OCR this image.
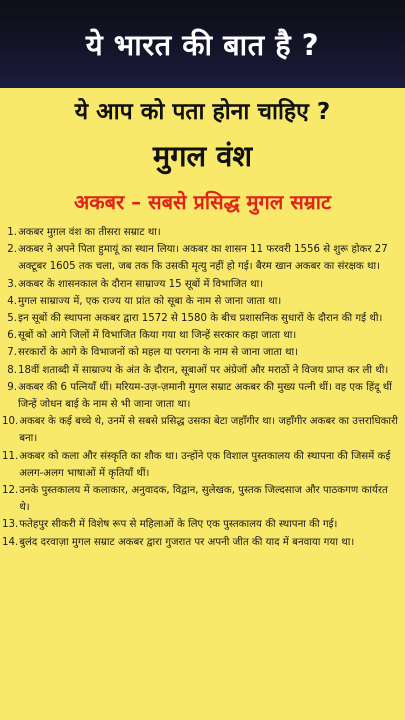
ये भारत की बात है ?
ये आप को पता होना चाहिए ?
मुगल वंश
अकबर – सबसे प्रसिद्ध मुगल सम्राट
1. अकबर मुग़ल वंश का तीसरा सम्राट था।
2. अकबर ने अपने पिता हुमायूं का स्थान लिया। अकबर का शासन 11 फरवरी 1556 से शुरू होकर 27 अक्टूबर 1605 तक चला, जब तक कि उसकी मृत्यु नहीं हो गई। बैरम खान अकबर का संरक्षक था।
3. अकबर के शासनकाल के दौरान साम्राज्य 15 सूबों में विभाजित था।
4. मुगल साम्राज्य में, एक राज्य या प्रांत को सूबा के नाम से जाना जाता था।
5. इन सूबों की स्थापना अकबर द्वारा 1572 से 1580 के बीच प्रशासनिक सुधारों के दौरान की गई थी।
6. सूबों को आगे जिलों में विभाजित किया गया था जिन्हें सरकार कहा जाता था।
7. सरकारों के आगे के विभाजनों को महल या परगना के नाम से जाना जाता था।
8. 18वीं शताब्दी में साम्राज्य के अंत के दौरान, सूबाओं पर अंग्रेजों और मराठों ने विजय प्राप्त कर ली थी।
9. अकबर की 6 पत्नियाँ थीं। मरियम-उज़-ज़मानी मुगल सम्राट अकबर की मुख्य पत्नी थीं। वह एक हिंदू थीं जिन्हें जोधन बाई के नाम से भी जाना जाता था।
10. अकबर के कई बच्चे थे, उनमें से सबसे प्रसिद्ध उसका बेटा जहाँगीर था। जहाँगीर अकबर का उत्तराधिकारी बना।
11. अकबर को कला और संस्कृति का शौक था। उन्होंने एक विशाल पुस्तकालय की स्थापना की जिसमें कई अलग-अलग भाषाओं में कृतियाँ थीं।
12. उनके पुस्तकालय में कलाकार, अनुवादक, विद्वान, सुलेखक, पुस्तक जिल्दसाज और पाठकगण कार्यरत थे।
13. फतेहपुर सीकरी में विशेष रूप से महिलाओं के लिए एक पुस्तकालय की स्थापना की गई।
14. बुलंद दरवाज़ा मुगल सम्राट अकबर द्वारा गुजरात पर अपनी जीत की याद में बनवाया गया था।
